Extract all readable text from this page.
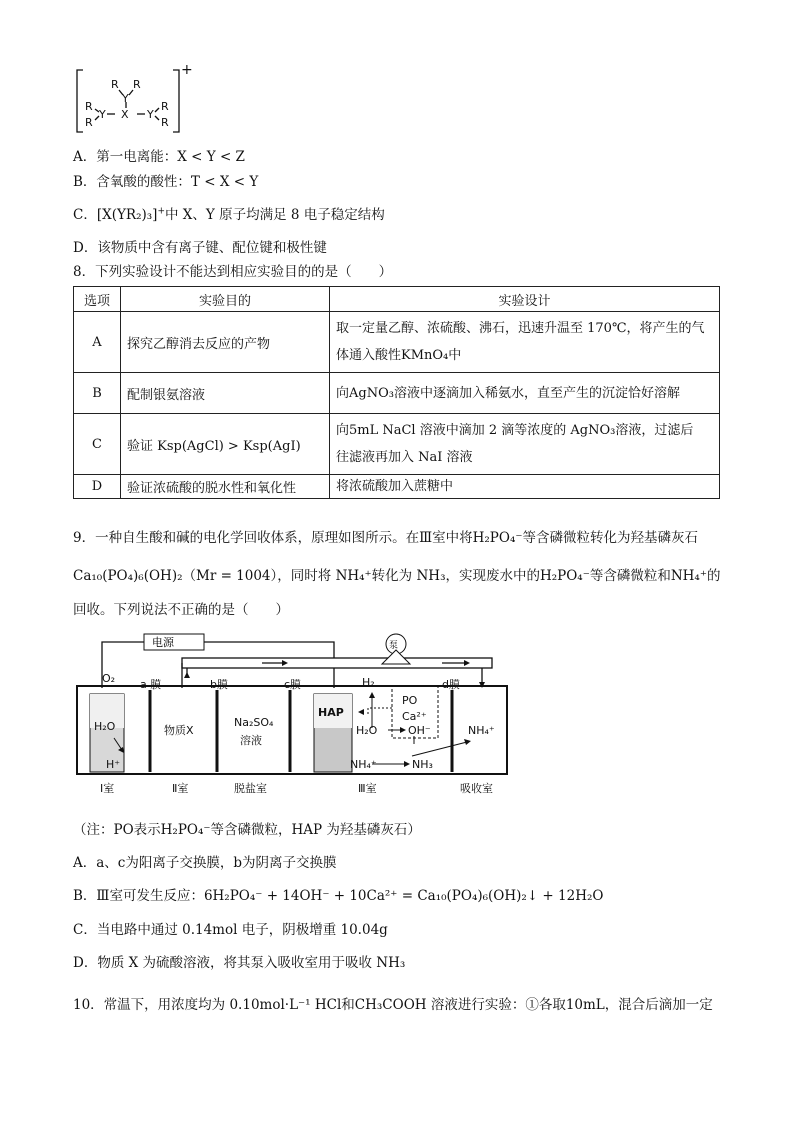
R R
Y
R
R
Y X Y
R
R
+
A．第一电离能：X < Y < Z
B．含氧酸的酸性：T < X < Y
C．[X(YR₂)₃]+中 X、Y 原子均满足 8 电子稳定结构
D．该物质中含有离子键、配位键和极性键
8．下列实验设计不能达到相应实验目的的是（　　）
选项	实验目的	实验设计
A	探究乙醇消去反应的产物	取一定量乙醇、浓硫酸、沸石，迅速升温至 170℃，将产生的气

体通入酸性KMnO₄中

B	配制银氨溶液	向AgNO₃溶液中逐滴加入稀氨水，直至产生的沉淀恰好溶解

C	验证 Ksp(AgCl) > Ksp(AgI)	向5mL NaCl 溶液中滴加 2 滴等浓度的 AgNO₃溶液，过滤后

往滤液再加入 NaI 溶液

D	验证浓硫酸的脱水性和氧化性	将浓硫酸加入蔗糖中

9．一种自生酸和碱的电化学回收体系，原理如图所示。在Ⅲ室中将H₂PO₄⁻等含磷微粒转化为羟基磷灰石
Ca₁₀(PO₄)₆(OH)₂（Mr = 1004），同时将 NH₄⁺转化为 NH₃，实现废水中的H₂PO₄⁻等含磷微粒和NH₄⁺的
回收。下列说法不正确的是（　　）
电源	泵
O₂ a 膜	b膜	c膜	d膜
H₂
H₂O
H⁺
物质X
Na₂SO₄
溶液
HAP
PO
Ca²⁺
H₂O	OH⁻
NH₄⁺	NH₃
NH₄⁺
Ⅰ室	Ⅱ室	脱盐室	Ⅲ室	吸收室
（注：PO表示H₂PO₄⁻等含磷微粒，HAP 为羟基磷灰石）
A．a、c为阳离子交换膜，b为阴离子交换膜
B．Ⅲ室可发生反应：6H₂PO₄⁻ + 14OH⁻ + 10Ca²⁺ = Ca₁₀(PO₄)₆(OH)₂↓ + 12H₂O
C．当电路中通过 0.14mol 电子，阴极增重 10.04g
D．物质 X 为硫酸溶液，将其泵入吸收室用于吸收 NH₃
10．常温下，用浓度均为 0.10mol·L⁻¹ HCl和CH₃COOH 溶液进行实验：①各取10mL，混合后滴加一定
